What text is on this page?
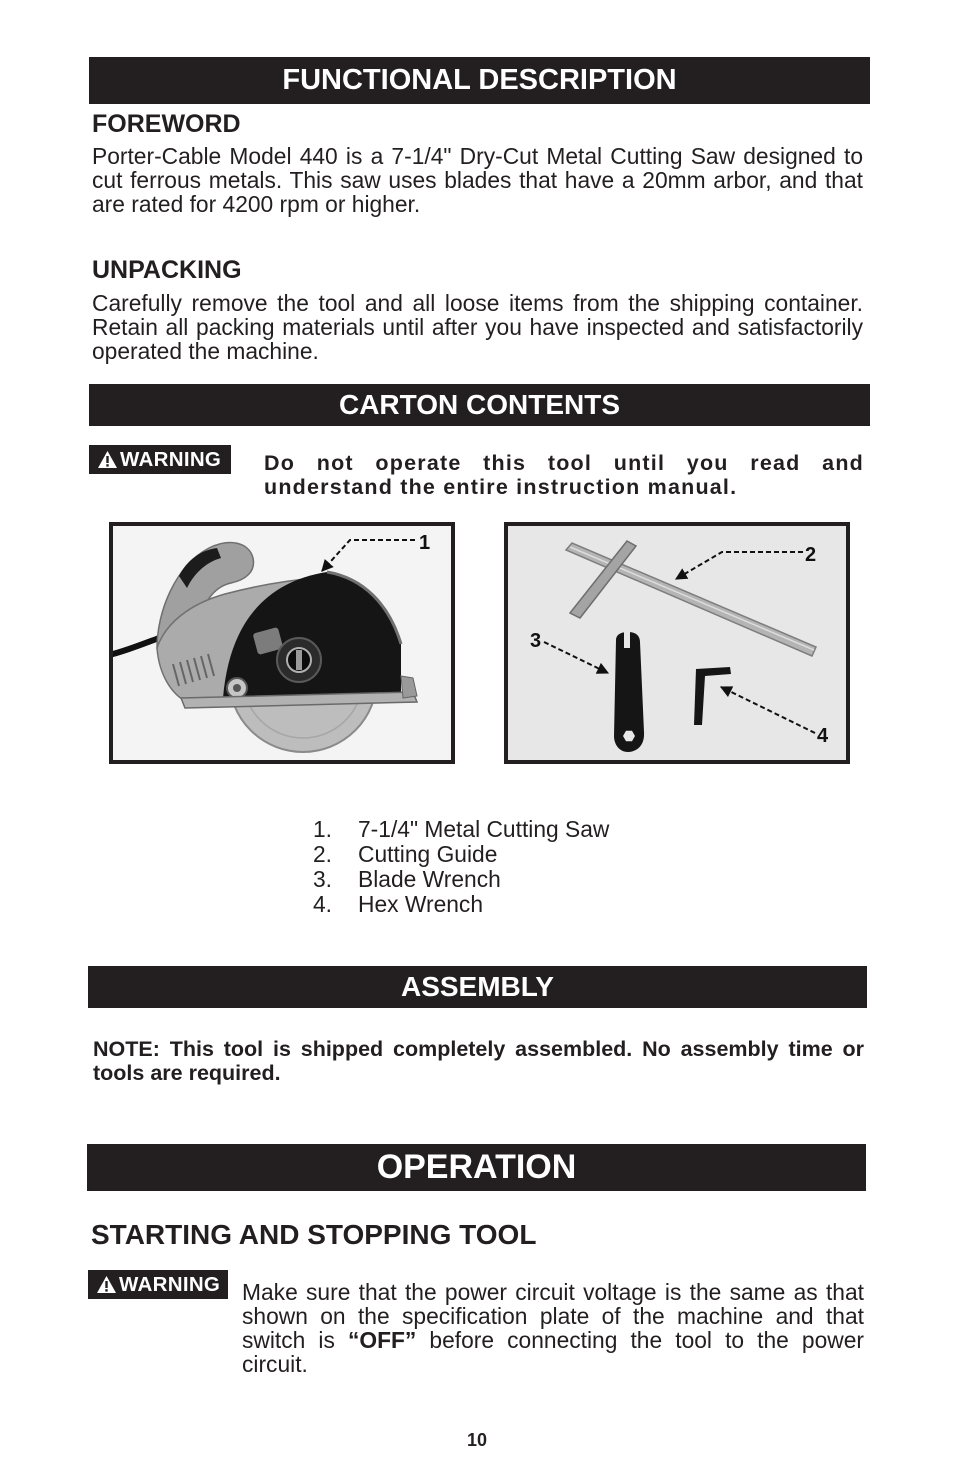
FUNCTIONAL DESCRIPTION
FOREWORD
Porter-Cable Model 440 is a 7-1/4" Dry-Cut Metal Cutting Saw designed to cut ferrous metals. This saw uses blades that have a 20mm arbor, and that are rated for 4200 rpm or higher.
UNPACKING
Carefully remove the tool and all loose items from the shipping container. Retain all packing materials until after you have inspected and satisfactorily operated the machine.
CARTON CONTENTS
WARNING Do not operate this tool until you read and understand the entire instruction manual.
1
2
3
4
1.	7-1/4" Metal Cutting Saw
2.	Cutting Guide
3.	Blade Wrench
4.	Hex Wrench
ASSEMBLY
NOTE: This tool is shipped completely assembled. No assembly time or tools are required.
OPERATION
STARTING AND STOPPING TOOL
WARNING Make sure that the power circuit voltage is the same as that shown on the specification plate of the machine and that switch is “OFF” before connecting the tool to the power circuit.
10
